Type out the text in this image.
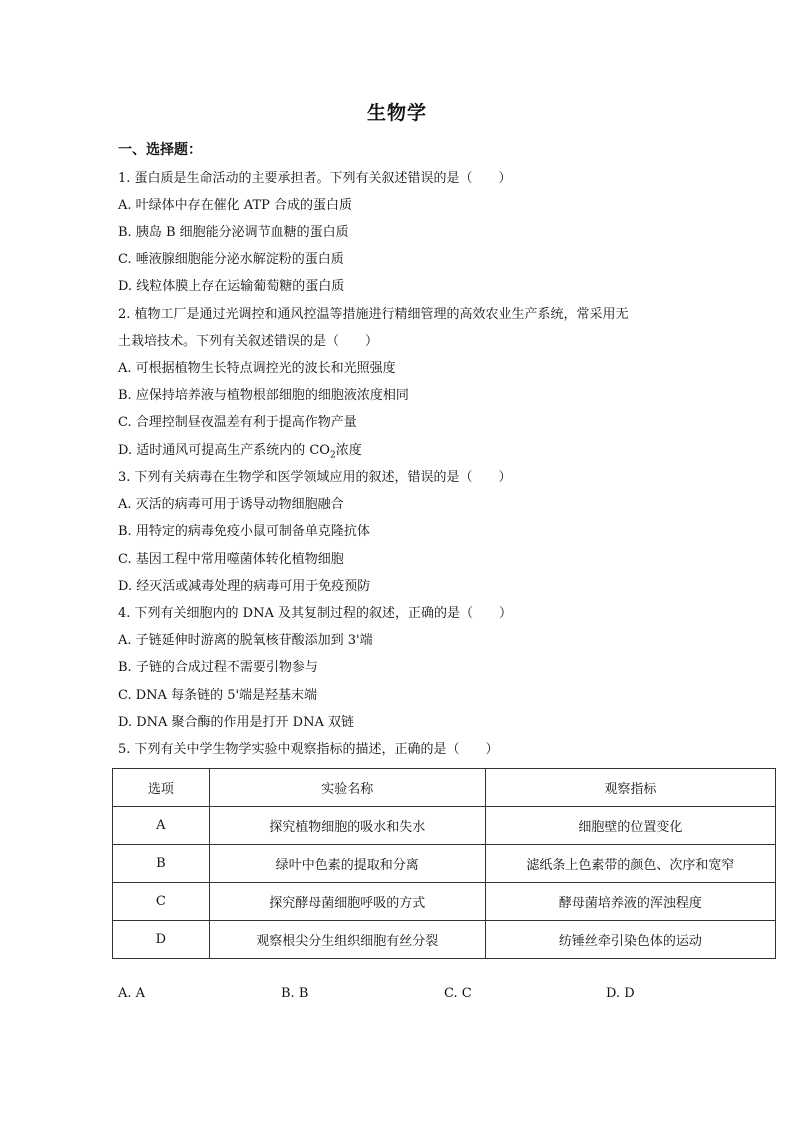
生物学
一、选择题：
1. 蛋白质是生命活动的主要承担者。下列有关叙述错误的是（　　）
A. 叶绿体中存在催化 ATP 合成的蛋白质
B. 胰岛 B 细胞能分泌调节血糖的蛋白质
C. 唾液腺细胞能分泌水解淀粉的蛋白质
D. 线粒体膜上存在运输葡萄糖的蛋白质
2. 植物工厂是通过光调控和通风控温等措施进行精细管理的高效农业生产系统，常采用无
土栽培技术。下列有关叙述错误的是（　　）
A. 可根据植物生长特点调控光的波长和光照强度
B. 应保持培养液与植物根部细胞的细胞液浓度相同
C. 合理控制昼夜温差有利于提高作物产量
D. 适时通风可提高生产系统内的 $CO_2$浓度
3. 下列有关病毒在生物学和医学领域应用的叙述，错误的是（　　）
A. 灭活的病毒可用于诱导动物细胞融合
B. 用特定的病毒免疫小鼠可制备单克隆抗体
C. 基因工程中常用噬菌体转化植物细胞
D. 经灭活或减毒处理的病毒可用于免疫预防
4. 下列有关细胞内的 DNA 及其复制过程的叙述，正确的是（　　）
A. 子链延伸时游离的脱氧核苷酸添加到 3'端
B. 子链的合成过程不需要引物参与
C. DNA 每条链的 5'端是羟基末端
D. DNA 聚合酶的作用是打开 DNA 双链
5. 下列有关中学生物学实验中观察指标的描述，正确的是（　　）
选项	实验名称	观察指标
A	探究植物细胞的吸水和失水	细胞壁的位置变化
B	绿叶中色素的提取和分离	滤纸条上色素带的颜色、次序和宽窄
C	探究酵母菌细胞呼吸的方式	酵母菌培养液的浑浊程度
D	观察根尖分生组织细胞有丝分裂	纺锤丝牵引染色体的运动
A. A	B. B	C. C	D. D
